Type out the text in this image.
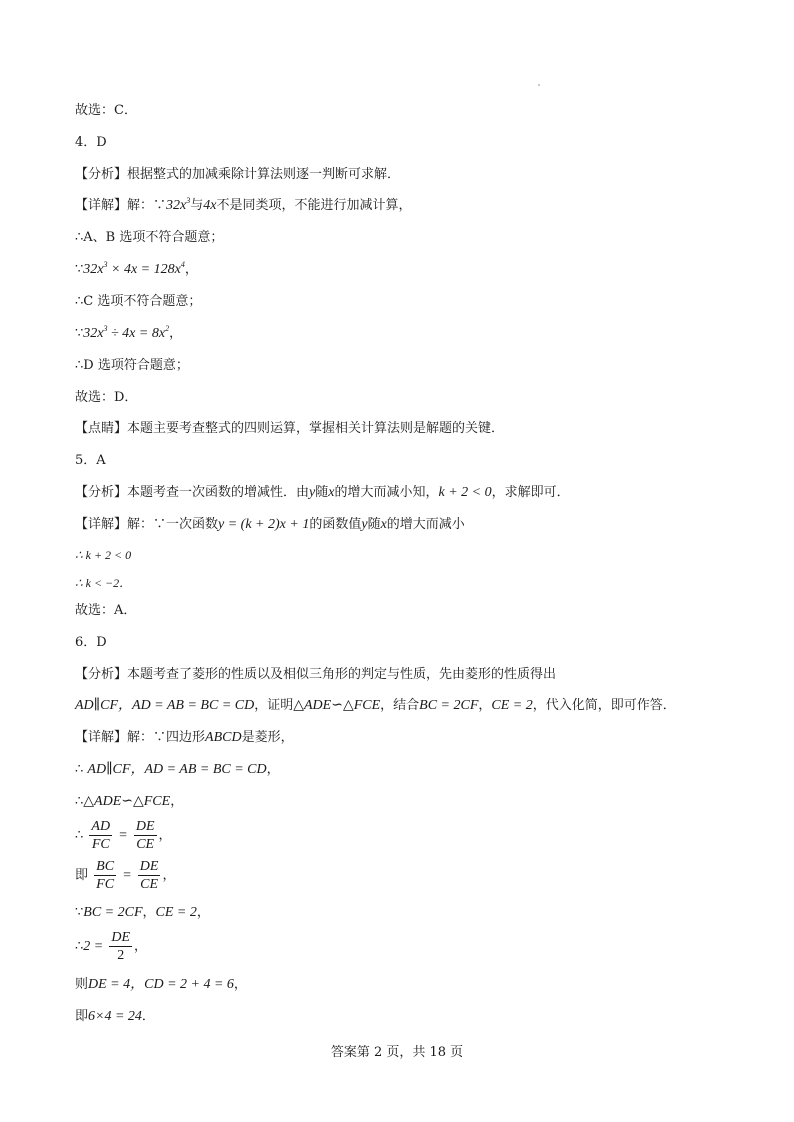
故选：C．
4．D
【分析】根据整式的加减乘除计算法则逐一判断可求解．
【详解】解：$\because 32x^3$与4x不是同类项，不能进行加减计算，
∴A、B 选项不符合题意；
$\because 32x^3 \times 4x = 128x^4$，
∴C 选项不符合题意；
$\because 32x^3 \div 4x = 8x^2$，
∴D 选项符合题意；
故选：D．
【点睛】本题主要考查整式的四则运算，掌握相关计算法则是解题的关键．
5．A
【分析】本题考查一次函数的增减性．由y随x的增大而减小知，k + 2 < 0，求解即可．
【详解】解：∵一次函数y = (k + 2)x + 1的函数值y随x的增大而减小
∴ k + 2 < 0
∴ k < −2．
故选：A．
6．D
【分析】本题考查了菱形的性质以及相似三角形的判定与性质，先由菱形的性质得出
AD∥CF，AD = AB = BC = CD，证明△ADE∽△FCE，结合BC = 2CF，CE = 2，代入化简，即可作答．
【详解】解：∵四边形ABCD是菱形，
∴ AD∥CF，AD = AB = BC = CD，
∴△ADE∽△FCE，
∴ $\frac{AD}{FC} = \frac{DE}{CE}$ ，
即 $\frac{BC}{FC} = \frac{DE}{CE}$ ，
∵BC = 2CF，CE = 2，
∴2 = $\frac{DE}{2}$ ，
则DE = 4，CD = 2 + 4 = 6，
即6×4 = 24．
答案第 2 页，共 18 页
